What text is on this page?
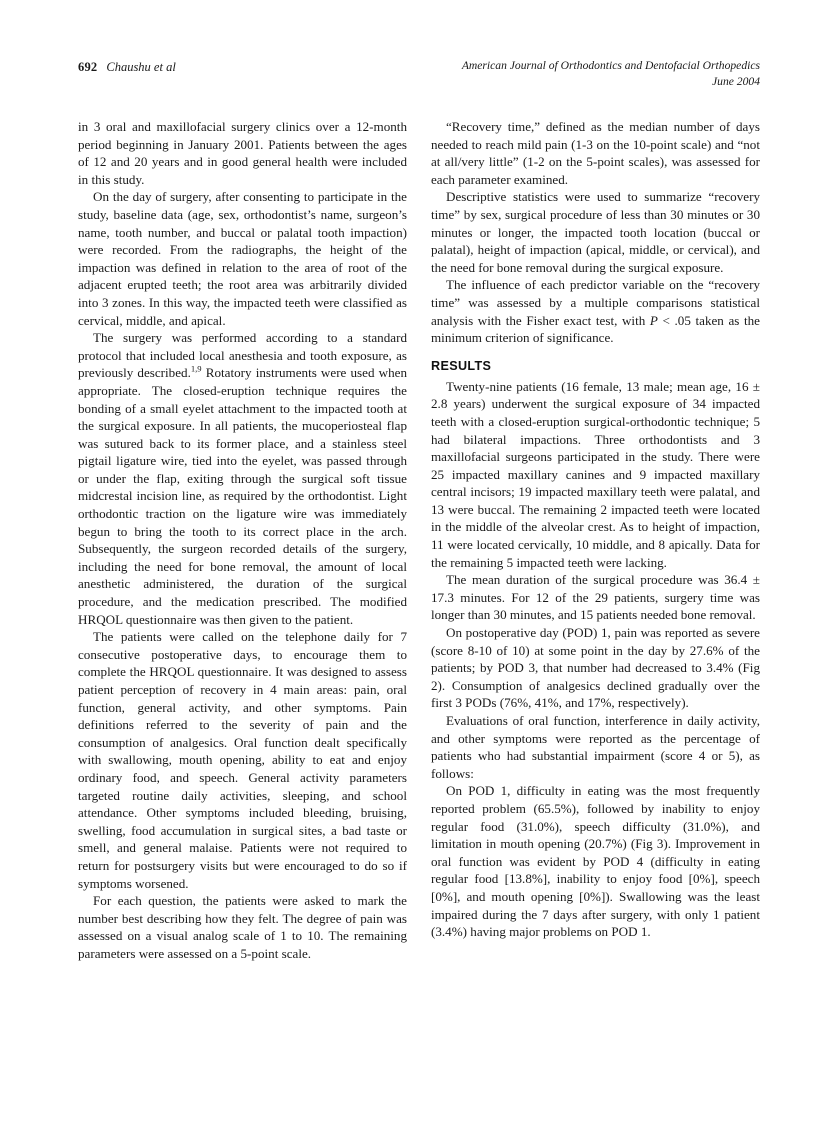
692 Chaushu et al	American Journal of Orthodontics and Dentofacial Orthopedics
June 2004

in 3 oral and maxillofacial surgery clinics over a 12-month period beginning in January 2001. Patients between the ages of 12 and 20 years and in good general health were included in this study.

On the day of surgery, after consenting to participate in the study, baseline data (age, sex, orthodontist’s name, surgeon’s name, tooth number, and buccal or palatal tooth impaction) were recorded. From the radiographs, the height of the impaction was defined in relation to the area of root of the adjacent erupted teeth; the root area was arbitrarily divided into 3 zones. In this way, the impacted teeth were classified as cervical, middle, and apical.

The surgery was performed according to a standard protocol that included local anesthesia and tooth exposure, as previously described.$^{1,9}$ Rotatory instruments were used when appropriate. The closed-eruption technique requires the bonding of a small eyelet attachment to the impacted tooth at the surgical exposure. In all patients, the mucoperiosteal flap was sutured back to its former place, and a stainless steel pigtail ligature wire, tied into the eyelet, was passed through or under the flap, exiting through the surgical soft tissue midcrestal incision line, as required by the orthodontist. Light orthodontic traction on the ligature wire was immediately begun to bring the tooth to its correct place in the arch. Subsequently, the surgeon recorded details of the surgery, including the need for bone removal, the amount of local anesthetic administered, the duration of the surgical procedure, and the medication prescribed. The modified HRQOL questionnaire was then given to the patient.

The patients were called on the telephone daily for 7 consecutive postoperative days, to encourage them to complete the HRQOL questionnaire. It was designed to assess patient perception of recovery in 4 main areas: pain, oral function, general activity, and other symptoms. Pain definitions referred to the severity of pain and the consumption of analgesics. Oral function dealt specifically with swallowing, mouth opening, ability to eat and enjoy ordinary food, and speech. General activity parameters targeted routine daily activities, sleeping, and school attendance. Other symptoms included bleeding, bruising, swelling, food accumulation in surgical sites, a bad taste or smell, and general malaise. Patients were not required to return for postsurgery visits but were encouraged to do so if symptoms worsened.

For each question, the patients were asked to mark the number best describing how they felt. The degree of pain was assessed on a visual analog scale of 1 to 10. The remaining parameters were assessed on a 5-point scale.

“Recovery time,” defined as the median number of days needed to reach mild pain (1-3 on the 10-point scale) and “not at all/very little” (1-2 on the 5-point scales), was assessed for each parameter examined.

Descriptive statistics were used to summarize “recovery time” by sex, surgical procedure of less than 30 minutes or 30 minutes or longer, the impacted tooth location (buccal or palatal), height of impaction (apical, middle, or cervical), and the need for bone removal during the surgical exposure.

The influence of each predictor variable on the “recovery time” was assessed by a multiple comparisons statistical analysis with the Fisher exact test, with P < .05 taken as the minimum criterion of significance.

RESULTS

Twenty-nine patients (16 female, 13 male; mean age, 16 ± 2.8 years) underwent the surgical exposure of 34 impacted teeth with a closed-eruption surgical-orthodontic technique; 5 had bilateral impactions. Three orthodontists and 3 maxillofacial surgeons participated in the study. There were 25 impacted maxillary canines and 9 impacted maxillary central incisors; 19 impacted maxillary teeth were palatal, and 13 were buccal. The remaining 2 impacted teeth were located in the middle of the alveolar crest. As to height of impaction, 11 were located cervically, 10 middle, and 8 apically. Data for the remaining 5 impacted teeth were lacking.

The mean duration of the surgical procedure was 36.4 ± 17.3 minutes. For 12 of the 29 patients, surgery time was longer than 30 minutes, and 15 patients needed bone removal.

On postoperative day (POD) 1, pain was reported as severe (score 8-10 of 10) at some point in the day by 27.6% of the patients; by POD 3, that number had decreased to 3.4% (Fig 2). Consumption of analgesics declined gradually over the first 3 PODs (76%, 41%, and 17%, respectively).

Evaluations of oral function, interference in daily activity, and other symptoms were reported as the percentage of patients who had substantial impairment (score 4 or 5), as follows:

On POD 1, difficulty in eating was the most frequently reported problem (65.5%), followed by inability to enjoy regular food (31.0%), speech difficulty (31.0%), and limitation in mouth opening (20.7%) (Fig 3). Improvement in oral function was evident by POD 4 (difficulty in eating regular food [13.8%], inability to enjoy food [0%], speech [0%], and mouth opening [0%]). Swallowing was the least impaired during the 7 days after surgery, with only 1 patient (3.4%) having major problems on POD 1.
